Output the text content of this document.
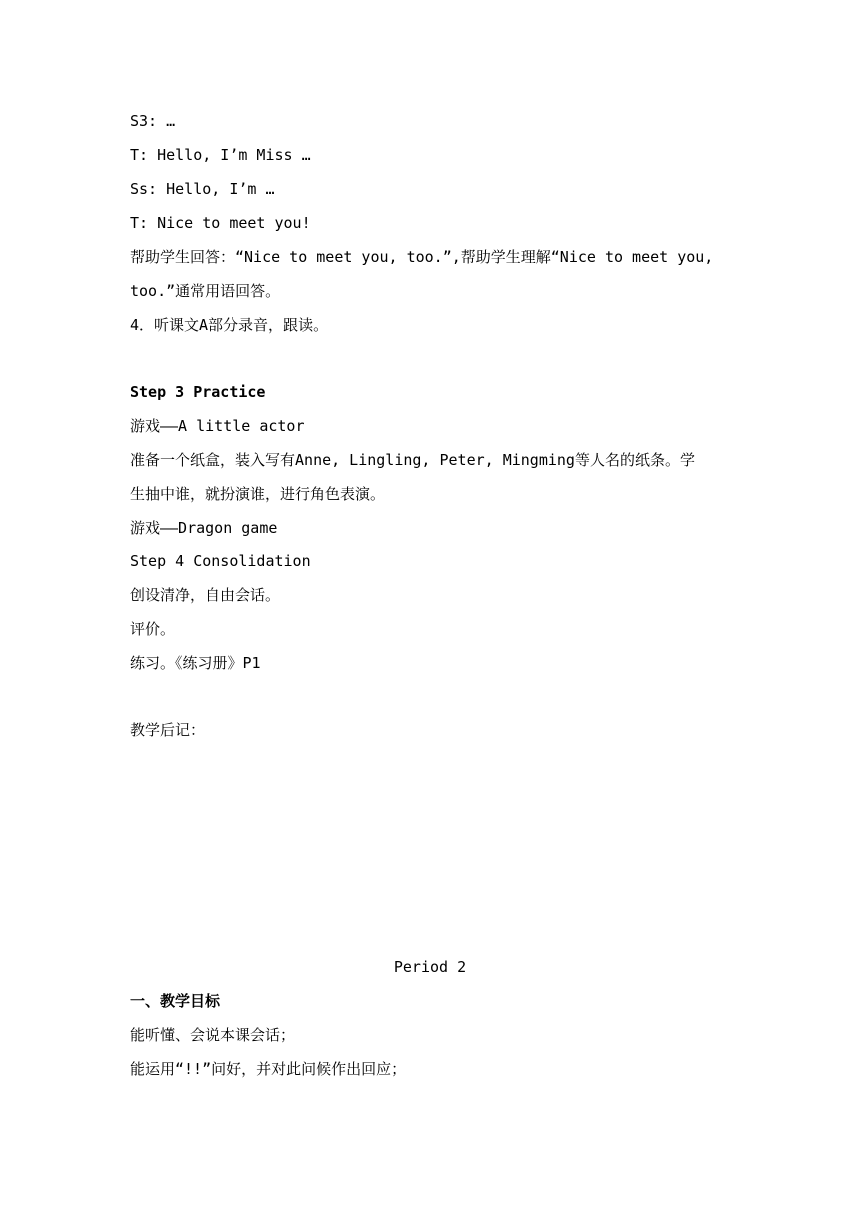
S3: …
T: Hello, I’m Miss …
Ss: Hello, I’m …
T: Nice to meet you!
帮助学生回答：“Nice to meet you, too.”,帮助学生理解“Nice to meet you,
too.”通常用语回答。
4．听课文A部分录音，跟读。
Step 3 Practice
游戏——A little actor
准备一个纸盒，装入写有Anne, Lingling, Peter, Mingming等人名的纸条。学
生抽中谁，就扮演谁，进行角色表演。
游戏——Dragon game
Step 4 Consolidation
创设清净，自由会话。
评价。
练习。《练习册》P1
教学后记：
Period 2
一、教学目标
能听懂、会说本课会话；
能运用“!!”问好，并对此问候作出回应；
